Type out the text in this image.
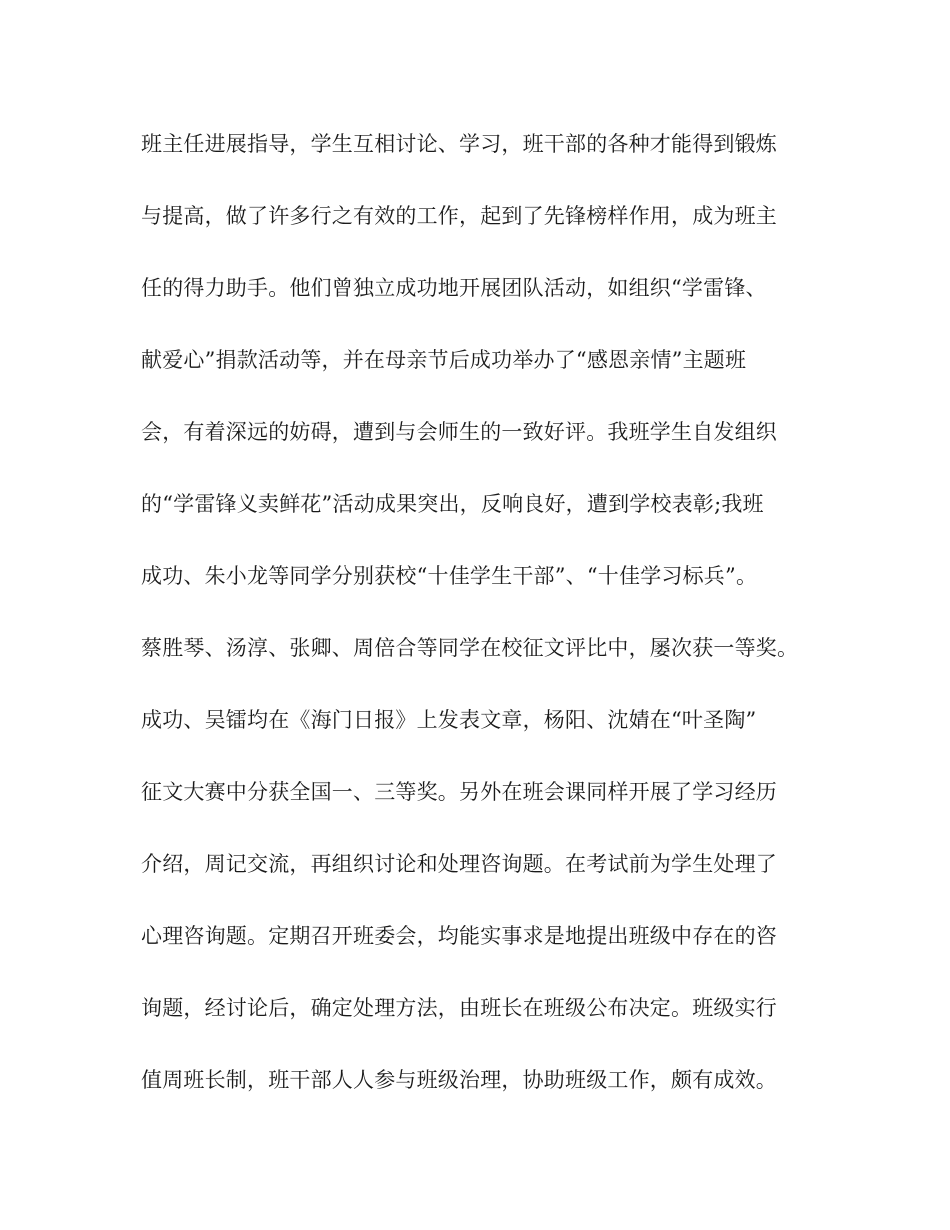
班主任进展指导，学生互相讨论、学习，班干部的各种才能得到锻炼
与提高，做了许多行之有效的工作，起到了先锋榜样作用，成为班主
任的得力助手。他们曾独立成功地开展团队活动，如组织“学雷锋、
献爱心”捐款活动等，并在母亲节后成功举办了“感恩亲情”主题班
会，有着深远的妨碍，遭到与会师生的一致好评。我班学生自发组织
的“学雷锋义卖鲜花”活动成果突出，反响良好，遭到学校表彰;我班
成功、朱小龙等同学分别获校“十佳学生干部”、“十佳学习标兵”。
蔡胜琴、汤淳、张卿、周倍合等同学在校征文评比中，屡次获一等奖。
成功、吴镭均在《海门日报》上发表文章，杨阳、沈婧在“叶圣陶”
征文大赛中分获全国一、三等奖。另外在班会课同样开展了学习经历
介绍，周记交流，再组织讨论和处理咨询题。在考试前为学生处理了
心理咨询题。定期召开班委会，均能实事求是地提出班级中存在的咨
询题，经讨论后，确定处理方法，由班长在班级公布决定。班级实行
值周班长制，班干部人人参与班级治理，协助班级工作，颇有成效。
